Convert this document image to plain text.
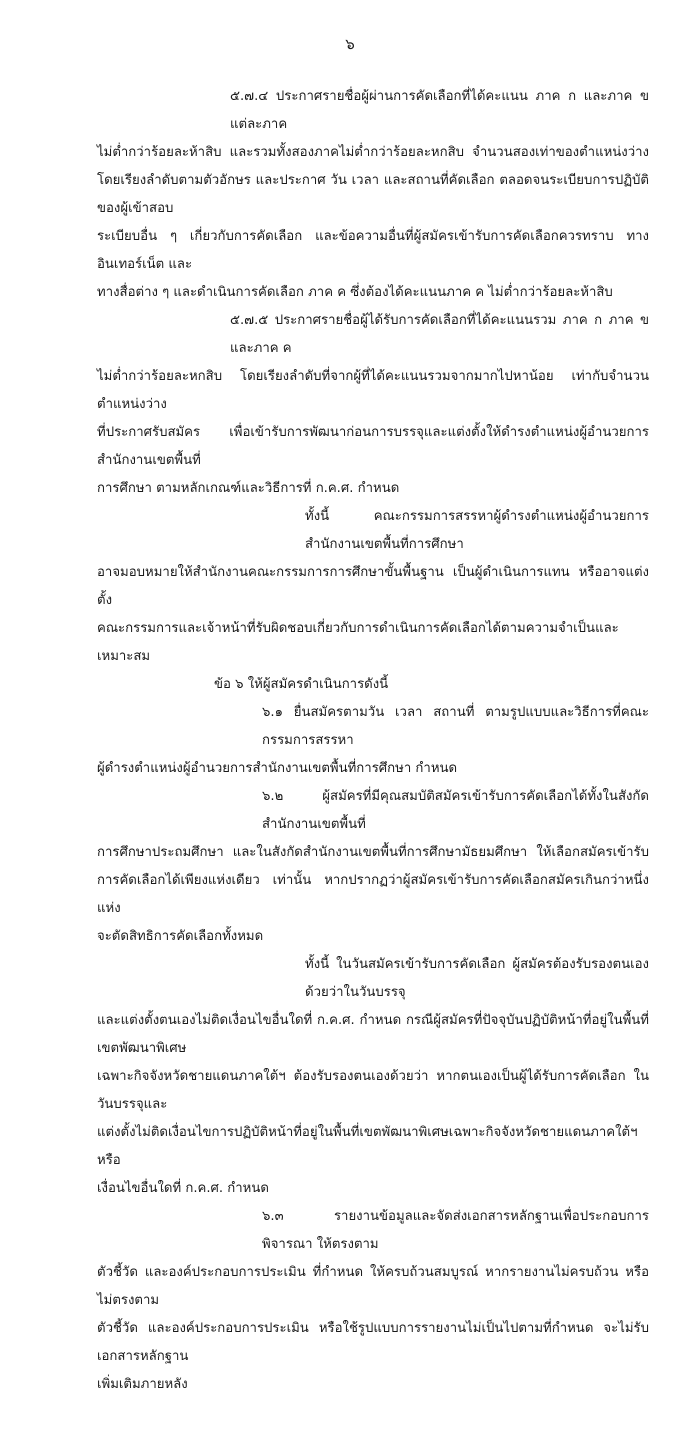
๖
๕.๗.๔ ประกาศรายชื่อผู้ผ่านการคัดเลือกที่ได้คะแนน ภาค ก และภาค ข แต่ละภาค
ไม่ต่ำกว่าร้อยละห้าสิบ และรวมทั้งสองภาคไม่ต่ำกว่าร้อยละหกสิบ จำนวนสองเท่าของตำแหน่งว่าง
โดยเรียงลำดับตามตัวอักษร และประกาศ วัน เวลา และสถานที่คัดเลือก ตลอดจนระเบียบการปฏิบัติของผู้เข้าสอบ
ระเบียบอื่น ๆ เกี่ยวกับการคัดเลือก และข้อความอื่นที่ผู้สมัครเข้ารับการคัดเลือกควรทราบ ทางอินเทอร์เน็ต และ
ทางสื่อต่าง ๆ และดำเนินการคัดเลือก ภาค ค ซึ่งต้องได้คะแนนภาค ค ไม่ต่ำกว่าร้อยละห้าสิบ
๕.๗.๕ ประกาศรายชื่อผู้ได้รับการคัดเลือกที่ได้คะแนนรวม ภาค ก ภาค ข และภาค ค
ไม่ต่ำกว่าร้อยละหกสิบ โดยเรียงลำดับที่จากผู้ที่ได้คะแนนรวมจากมากไปหาน้อย เท่ากับจำนวนตำแหน่งว่าง
ที่ประกาศรับสมัคร เพื่อเข้ารับการพัฒนาก่อนการบรรจุและแต่งตั้งให้ดำรงตำแหน่งผู้อำนวยการสำนักงานเขตพื้นที่
การศึกษา ตามหลักเกณฑ์และวิธีการที่ ก.ค.ศ. กำหนด
ทั้งนี้ คณะกรรมการสรรหาผู้ดำรงตำแหน่งผู้อำนวยการสำนักงานเขตพื้นที่การศึกษา
อาจมอบหมายให้สำนักงานคณะกรรมการการศึกษาขั้นพื้นฐาน เป็นผู้ดำเนินการแทน หรืออาจแต่งตั้ง
คณะกรรมการและเจ้าหน้าที่รับผิดชอบเกี่ยวกับการดำเนินการคัดเลือกได้ตามความจำเป็นและเหมาะสม
ข้อ ๖ ให้ผู้สมัครดำเนินการดังนี้
๖.๑ ยื่นสมัครตามวัน เวลา สถานที่ ตามรูปแบบและวิธีการที่คณะกรรมการสรรหา
ผู้ดำรงตำแหน่งผู้อำนวยการสำนักงานเขตพื้นที่การศึกษา กำหนด
๖.๒ ผู้สมัครที่มีคุณสมบัติสมัครเข้ารับการคัดเลือกได้ทั้งในสังกัดสำนักงานเขตพื้นที่
การศึกษาประถมศึกษา และในสังกัดสำนักงานเขตพื้นที่การศึกษามัธยมศึกษา ให้เลือกสมัครเข้ารับ
การคัดเลือกได้เพียงแห่งเดียว เท่านั้น หากปรากฏว่าผู้สมัครเข้ารับการคัดเลือกสมัครเกินกว่าหนึ่งแห่ง
จะตัดสิทธิการคัดเลือกทั้งหมด
ทั้งนี้ ในวันสมัครเข้ารับการคัดเลือก ผู้สมัครต้องรับรองตนเองด้วยว่าในวันบรรจุ
และแต่งตั้งตนเองไม่ติดเงื่อนไขอื่นใดที่ ก.ค.ศ. กำหนด กรณีผู้สมัครที่ปัจจุบันปฏิบัติหน้าที่อยู่ในพื้นที่เขตพัฒนาพิเศษ
เฉพาะกิจจังหวัดชายแดนภาคใต้ฯ ต้องรับรองตนเองด้วยว่า หากตนเองเป็นผู้ได้รับการคัดเลือก ในวันบรรจุและ
แต่งตั้งไม่ติดเงื่อนไขการปฏิบัติหน้าที่อยู่ในพื้นที่เขตพัฒนาพิเศษเฉพาะกิจจังหวัดชายแดนภาคใต้ฯ หรือ
เงื่อนไขอื่นใดที่ ก.ค.ศ. กำหนด
๖.๓ รายงานข้อมูลและจัดส่งเอกสารหลักฐานเพื่อประกอบการพิจารณา ให้ตรงตาม
ตัวชี้วัด และองค์ประกอบการประเมิน ที่กำหนด ให้ครบถ้วนสมบูรณ์ หากรายงานไม่ครบถ้วน หรือไม่ตรงตาม
ตัวชี้วัด และองค์ประกอบการประเมิน หรือใช้รูปแบบการรายงานไม่เป็นไปตามที่กำหนด จะไม่รับเอกสารหลักฐาน
เพิ่มเติมภายหลัง
